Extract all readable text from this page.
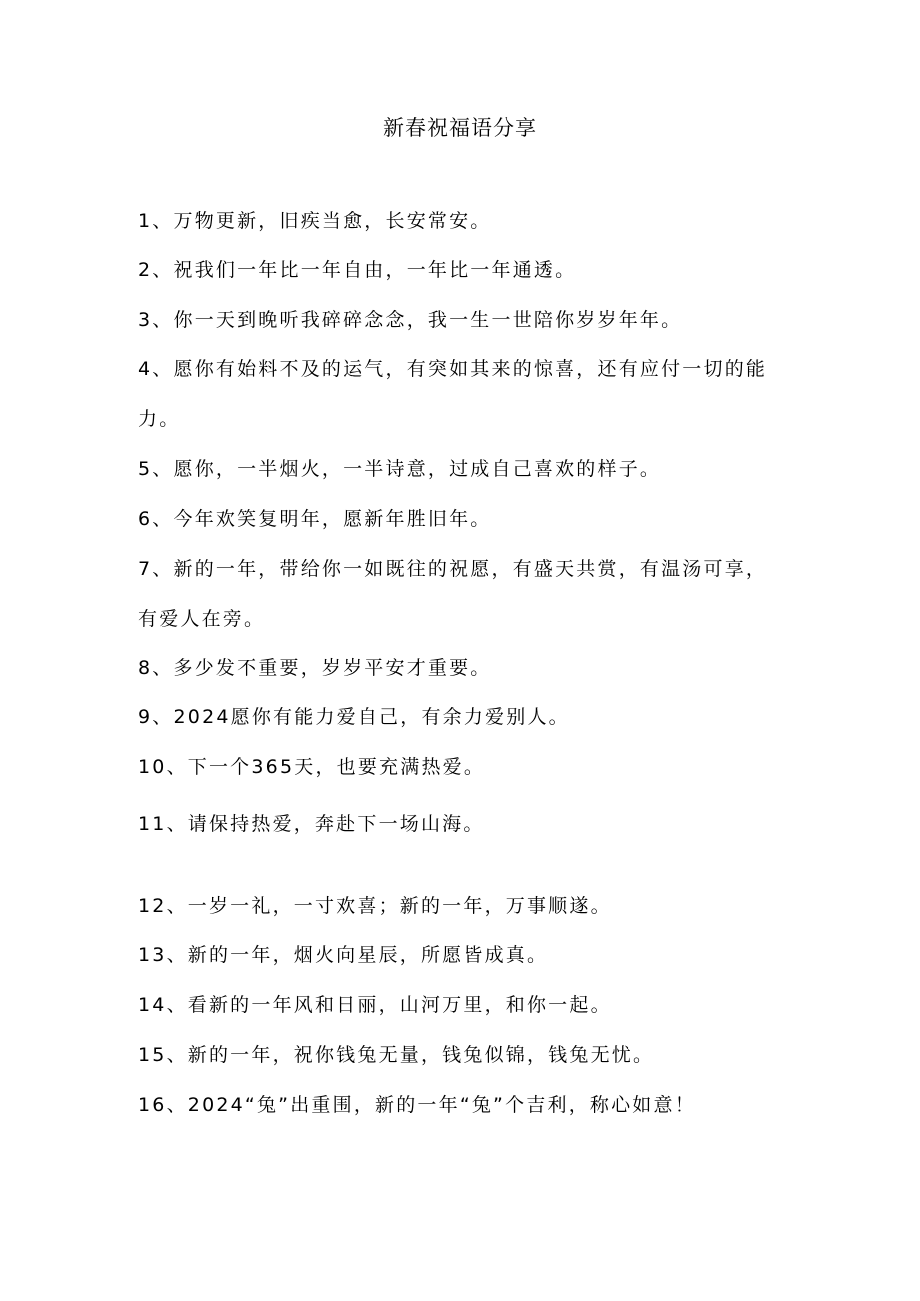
新春祝福语分享
1、万物更新，旧疾当愈，长安常安。
2、祝我们一年比一年自由，一年比一年通透。
3、你一天到晚听我碎碎念念，我一生一世陪你岁岁年年。
4、愿你有始料不及的运气，有突如其来的惊喜，还有应付一切的能
力。
5、愿你，一半烟火，一半诗意，过成自己喜欢的样子。
6、今年欢笑复明年，愿新年胜旧年。
7、新的一年，带给你一如既往的祝愿，有盛天共赏，有温汤可享，
有爱人在旁。
8、多少发不重要，岁岁平安才重要。
9、2024愿你有能力爱自己，有余力爱别人。
10、下一个365天，也要充满热爱。
11、请保持热爱，奔赴下一场山海。
12、一岁一礼，一寸欢喜；新的一年，万事顺遂。
13、新的一年，烟火向星辰，所愿皆成真。
14、看新的一年风和日丽，山河万里，和你一起。
15、新的一年，祝你钱兔无量，钱兔似锦，钱兔无忧。
16、2024“兔”出重围，新的一年“兔”个吉利，称心如意！
